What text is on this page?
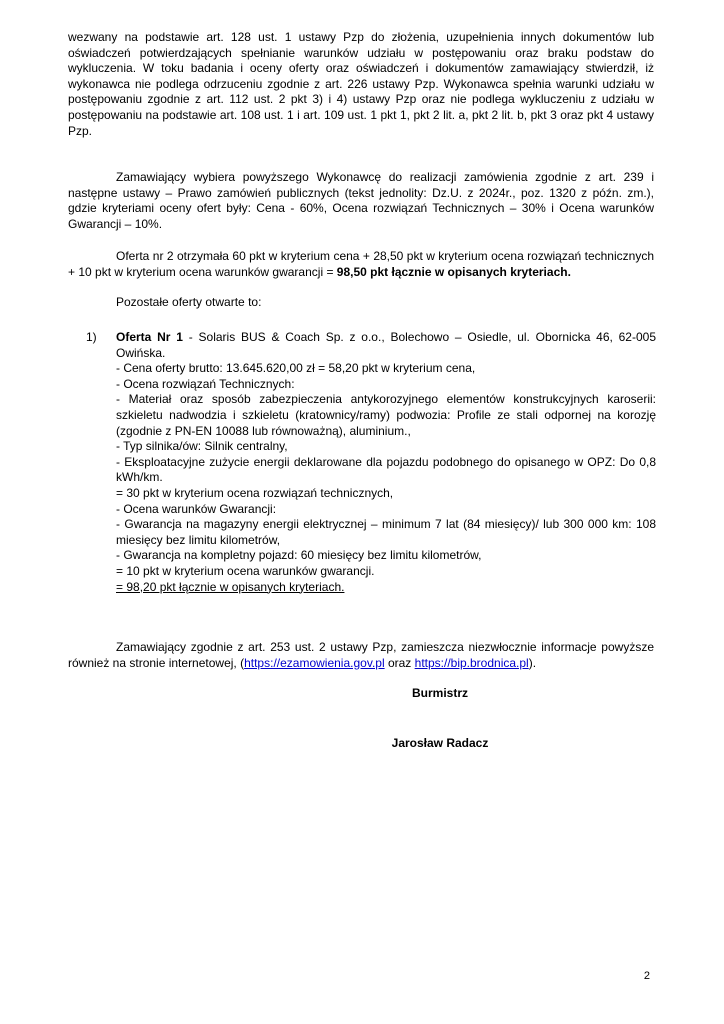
wezwany na podstawie art. 128 ust. 1 ustawy Pzp do złożenia, uzupełnienia innych dokumentów lub oświadczeń potwierdzających spełnianie warunków udziału w postępowaniu oraz braku podstaw do wykluczenia. W toku badania i oceny oferty oraz oświadczeń i dokumentów zamawiający stwierdził, iż wykonawca nie podlega odrzuceniu zgodnie z art. 226 ustawy Pzp. Wykonawca spełnia warunki udziału w postępowaniu zgodnie z art. 112 ust. 2 pkt 3) i 4) ustawy Pzp oraz nie podlega wykluczeniu z udziału w postępowaniu na podstawie art. 108 ust. 1 i art. 109 ust. 1 pkt 1, pkt 2 lit. a, pkt 2 lit. b, pkt 3 oraz pkt 4 ustawy Pzp.

Zamawiający wybiera powyższego Wykonawcę do realizacji zamówienia zgodnie z art. 239 i następne ustawy – Prawo zamówień publicznych (tekst jednolity: Dz.U. z 2024r., poz. 1320 z późn. zm.), gdzie kryteriami oceny ofert były: Cena - 60%, Ocena rozwiązań Technicznych – 30% i Ocena warunków Gwarancji – 10%.

Oferta nr 2 otrzymała 60 pkt w kryterium cena + 28,50 pkt w kryterium ocena rozwiązań technicznych + 10 pkt w kryterium ocena warunków gwarancji = 98,50 pkt łącznie w opisanych kryteriach.

Pozostałe oferty otwarte to:

1) Oferta Nr 1 - Solaris BUS & Coach Sp. z o.o., Bolechowo – Osiedle, ul. Obornicka 46, 62-005 Owińska.
- Cena oferty brutto: 13.645.620,00 zł = 58,20 pkt w kryterium cena,
- Ocena rozwiązań Technicznych:
- Materiał oraz sposób zabezpieczenia antykorozyjnego elementów konstrukcyjnych karoserii: szkieletu nadwodzia i szkieletu (kratownicy/ramy) podwozia: Profile ze stali odpornej na korozję (zgodnie z PN-EN 10088 lub równoważną), aluminium.,
- Typ silnika/ów: Silnik centralny,
- Eksploatacyjne zużycie energii deklarowane dla pojazdu podobnego do opisanego w OPZ: Do 0,8 kWh/km.
= 30 pkt w kryterium ocena rozwiązań technicznych,
- Ocena warunków Gwarancji:
- Gwarancja na magazyny energii elektrycznej – minimum 7 lat (84 miesięcy)/ lub 300 000 km: 108 miesięcy bez limitu kilometrów,
- Gwarancja na kompletny pojazd: 60 miesięcy bez limitu kilometrów,
= 10 pkt w kryterium ocena warunków gwarancji.
= 98,20 pkt łącznie w opisanych kryteriach.

Zamawiający zgodnie z art. 253 ust. 2 ustawy Pzp, zamieszcza niezwłocznie informacje powyższe również na stronie internetowej, (https://ezamowienia.gov.pl oraz https://bip.brodnica.pl).

Burmistrz
Jarosław Radacz
2
